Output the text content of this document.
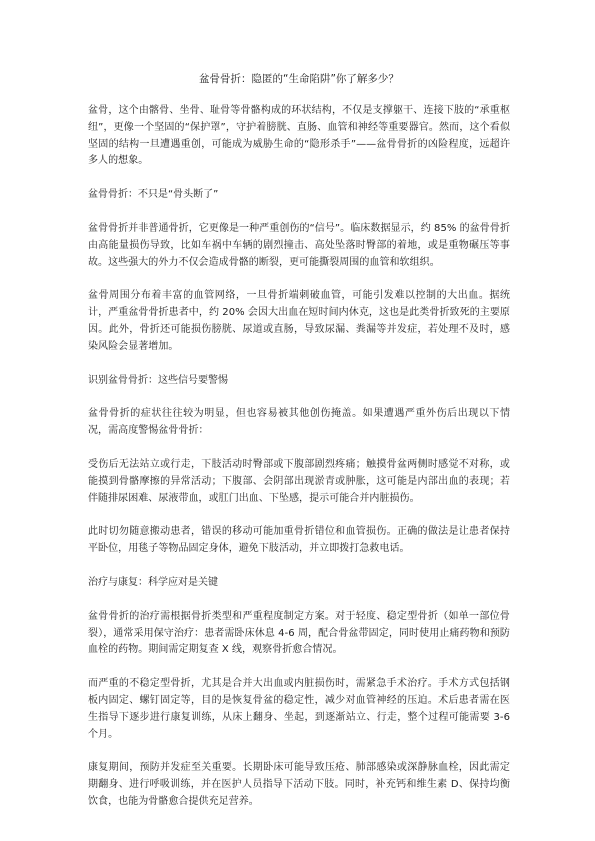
盆骨骨折：隐匿的“生命陷阱”你了解多少？

盆骨，这个由髂骨、坐骨、耻骨等骨骼构成的环状结构，不仅是支撑躯干、连接下肢的“承重枢纽”，更像一个坚固的“保护罩”，守护着膀胱、直肠、血管和神经等重要器官。然而，这个看似坚固的结构一旦遭遇重创，可能成为威胁生命的“隐形杀手”——盆骨骨折的凶险程度，远超许多人的想象。

盆骨骨折：不只是“骨头断了”

盆骨骨折并非普通骨折，它更像是一种严重创伤的“信号”。临床数据显示，约 85% 的盆骨骨折由高能量损伤导致，比如车祸中车辆的剧烈撞击、高处坠落时臀部的着地，或是重物碾压等事故。这些强大的外力不仅会造成骨骼的断裂，更可能撕裂周围的血管和软组织。

盆骨周围分布着丰富的血管网络，一旦骨折端刺破血管，可能引发难以控制的大出血。据统计，严重盆骨骨折患者中，约 20% 会因大出血在短时间内休克，这也是此类骨折致死的主要原因。此外，骨折还可能损伤膀胱、尿道或直肠，导致尿漏、粪漏等并发症，若处理不及时，感染风险会显著增加。

识别盆骨骨折：这些信号要警惕

盆骨骨折的症状往往较为明显，但也容易被其他创伤掩盖。如果遭遇严重外伤后出现以下情况，需高度警惕盆骨骨折：

受伤后无法站立或行走，下肢活动时臀部或下腹部剧烈疼痛；触摸骨盆两侧时感觉不对称，或能摸到骨骼摩擦的异常活动；下腹部、会阴部出现淤青或肿胀，这可能是内部出血的表现；若伴随排尿困难、尿液带血，或肛门出血、下坠感，提示可能合并内脏损伤。

此时切勿随意搬动患者，错误的移动可能加重骨折错位和血管损伤。正确的做法是让患者保持平卧位，用毯子等物品固定身体，避免下肢活动，并立即拨打急救电话。

治疗与康复：科学应对是关键

盆骨骨折的治疗需根据骨折类型和严重程度制定方案。对于轻度、稳定型骨折（如单一部位骨裂），通常采用保守治疗：患者需卧床休息 4-6 周，配合骨盆带固定，同时使用止痛药物和预防血栓的药物。期间需定期复查 X 线，观察骨折愈合情况。

而严重的不稳定型骨折，尤其是合并大出血或内脏损伤时，需紧急手术治疗。手术方式包括钢板内固定、螺钉固定等，目的是恢复骨盆的稳定性，减少对血管神经的压迫。术后患者需在医生指导下逐步进行康复训练，从床上翻身、坐起，到逐渐站立、行走，整个过程可能需要 3-6 个月。

康复期间，预防并发症至关重要。长期卧床可能导致压疮、肺部感染或深静脉血栓，因此需定期翻身、进行呼吸训练，并在医护人员指导下活动下肢。同时，补充钙和维生素 D、保持均衡饮食，也能为骨骼愈合提供充足营养。
